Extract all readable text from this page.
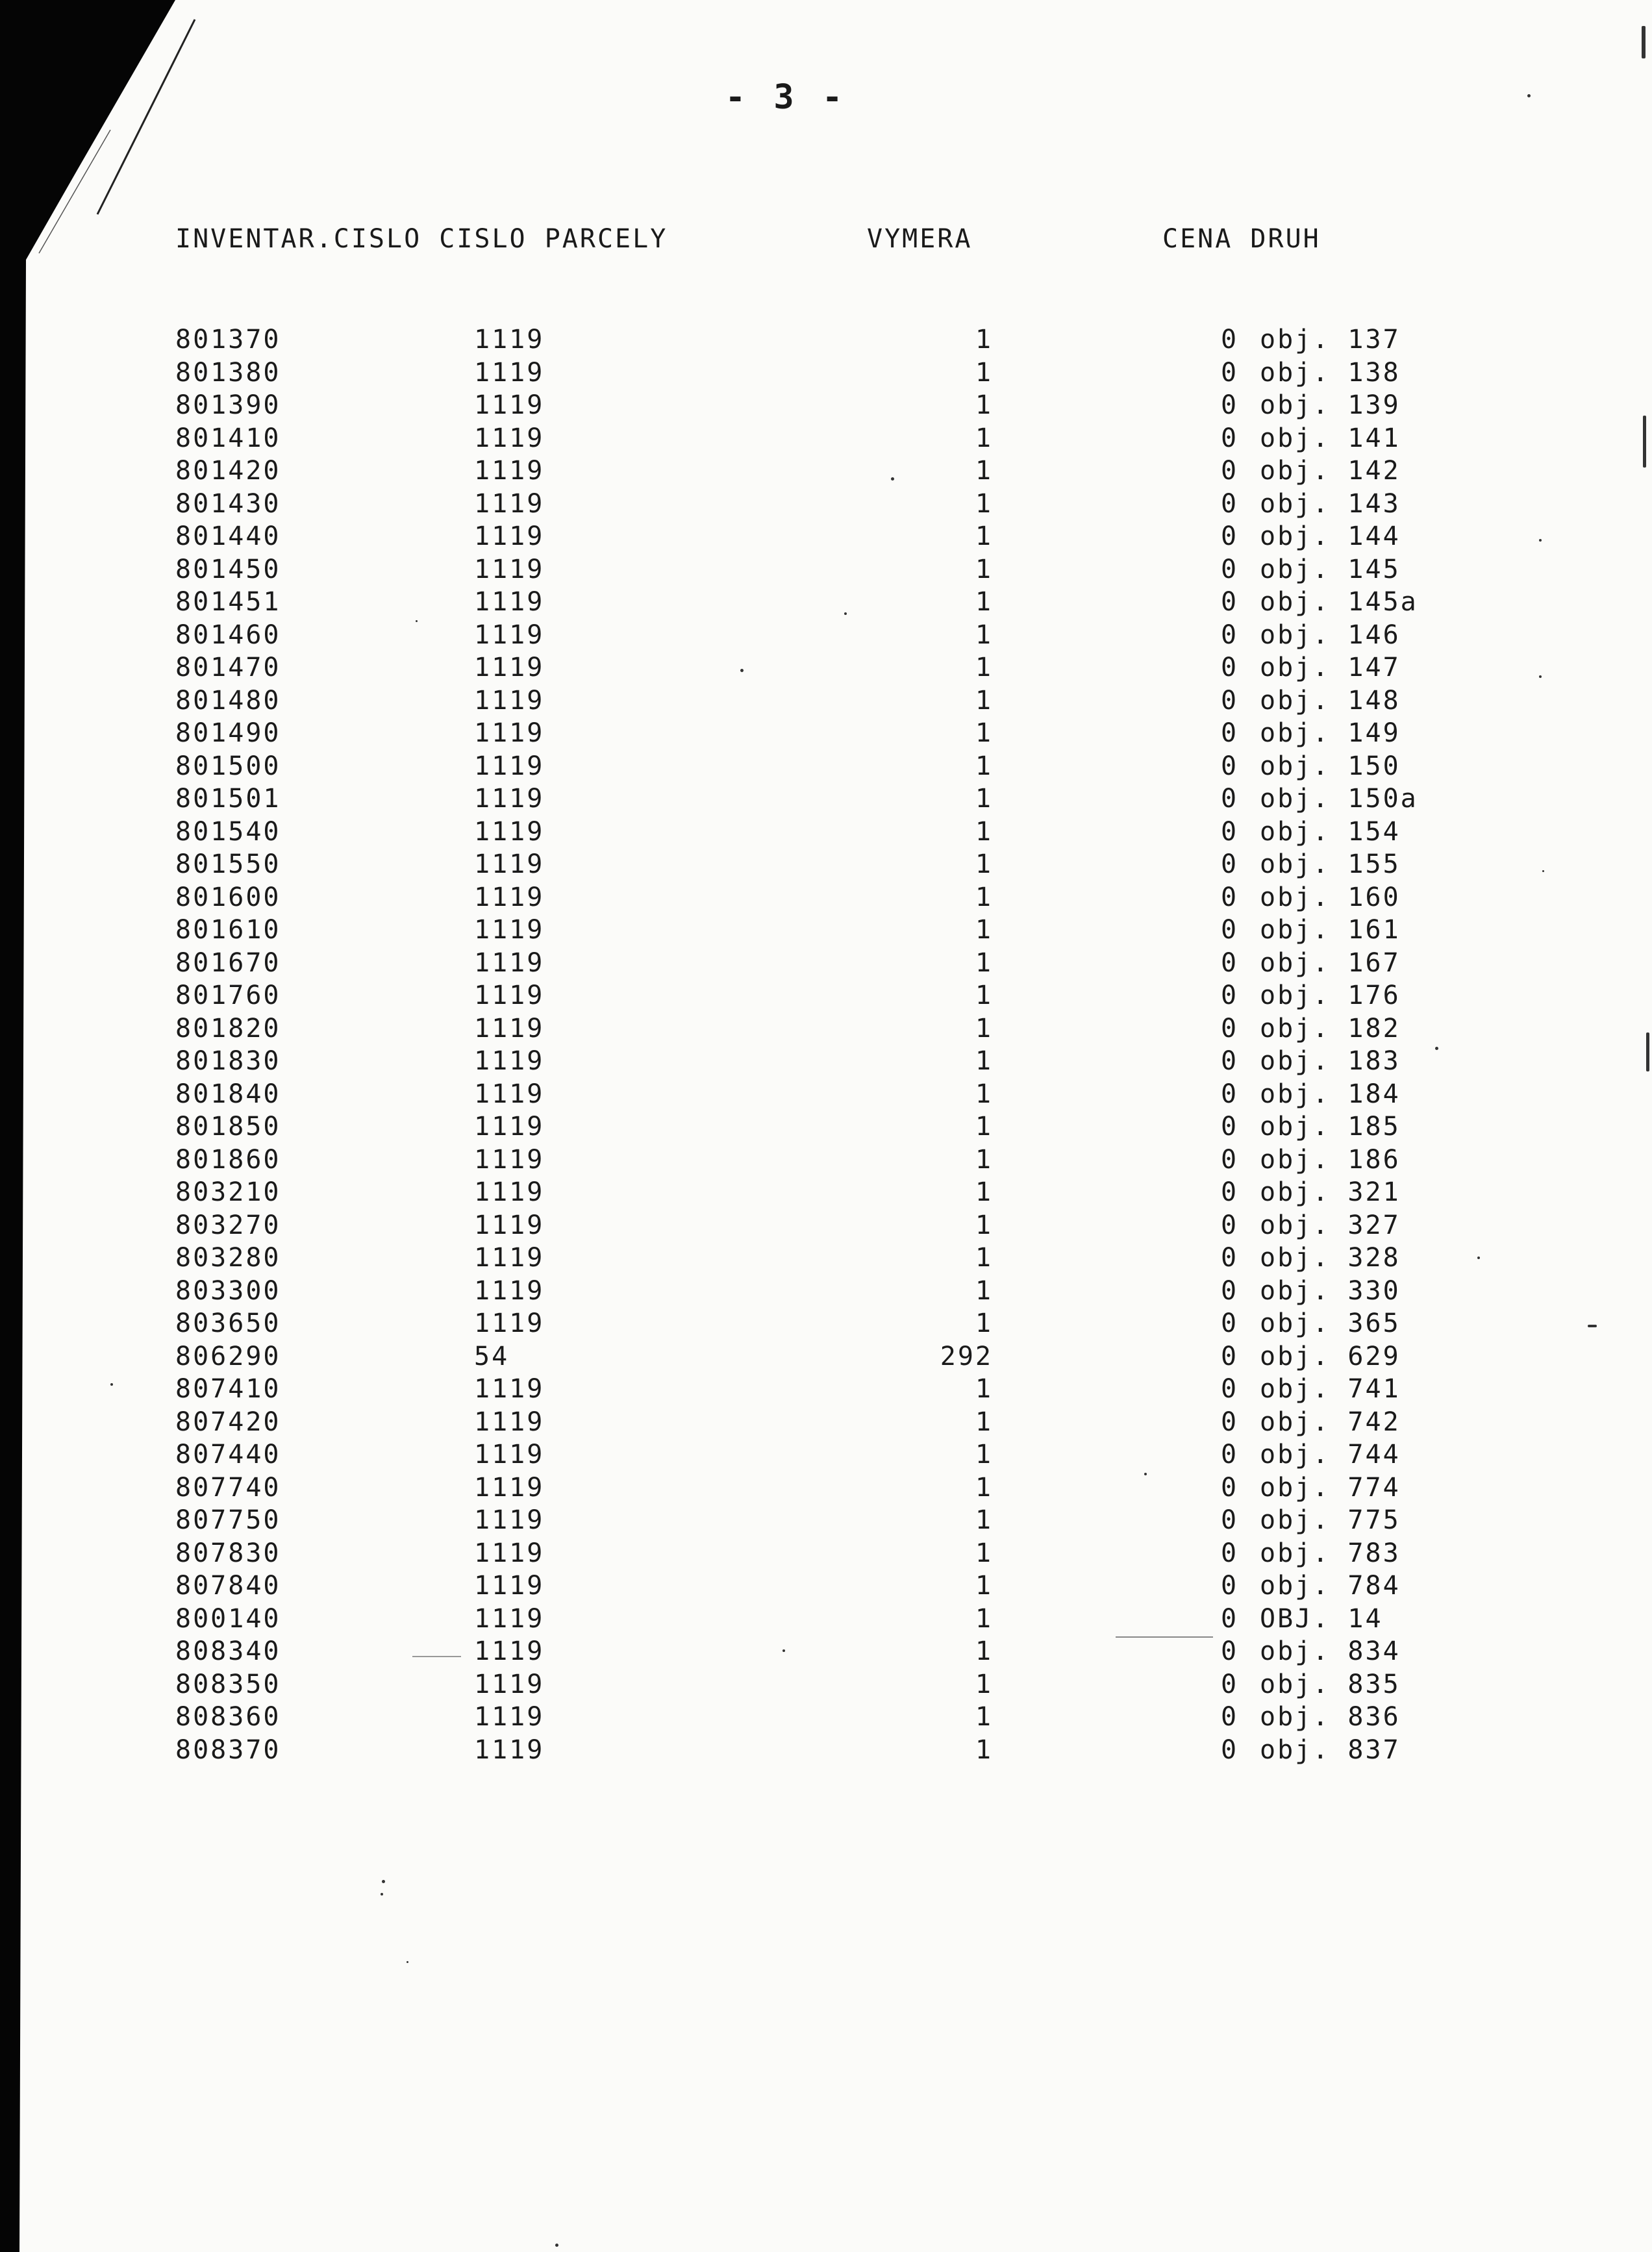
- 3 -
INVENTAR.CISLO CISLO PARCELY	VYMERA	CENA DRUH
801370	1119	1	0 obj. 137
801380	1119	1	0 obj. 138
801390	1119	1	0 obj. 139
801410	1119	1	0 obj. 141
801420	1119	1	0 obj. 142
801430	1119	1	0 obj. 143
801440	1119	1	0 obj. 144
801450	1119	1	0 obj. 145
801451	1119	1	0 obj. 145a
801460	1119	1	0 obj. 146
801470	1119	1	0 obj. 147
801480	1119	1	0 obj. 148
801490	1119	1	0 obj. 149
801500	1119	1	0 obj. 150
801501	1119	1	0 obj. 150a
801540	1119	1	0 obj. 154
801550	1119	1	0 obj. 155
801600	1119	1	0 obj. 160
801610	1119	1	0 obj. 161
801670	1119	1	0 obj. 167
801760	1119	1	0 obj. 176
801820	1119	1	0 obj. 182
801830	1119	1	0 obj. 183
801840	1119	1	0 obj. 184
801850	1119	1	0 obj. 185
801860	1119	1	0 obj. 186
803210	1119	1	0 obj. 321
803270	1119	1	0 obj. 327
803280	1119	1	0 obj. 328
803300	1119	1	0 obj. 330
803650	1119	1	0 obj. 365
806290	54	292	0 obj. 629
807410	1119	1	0 obj. 741
807420	1119	1	0 obj. 742
807440	1119	1	0 obj. 744
807740	1119	1	0 obj. 774
807750	1119	1	0 obj. 775
807830	1119	1	0 obj. 783
807840	1119	1	0 obj. 784
800140	1119	1	0 OBJ. 14
808340	1119	1	0 obj. 834
808350	1119	1	0 obj. 835
808360	1119	1	0 obj. 836
808370	1119	1	0 obj. 837
